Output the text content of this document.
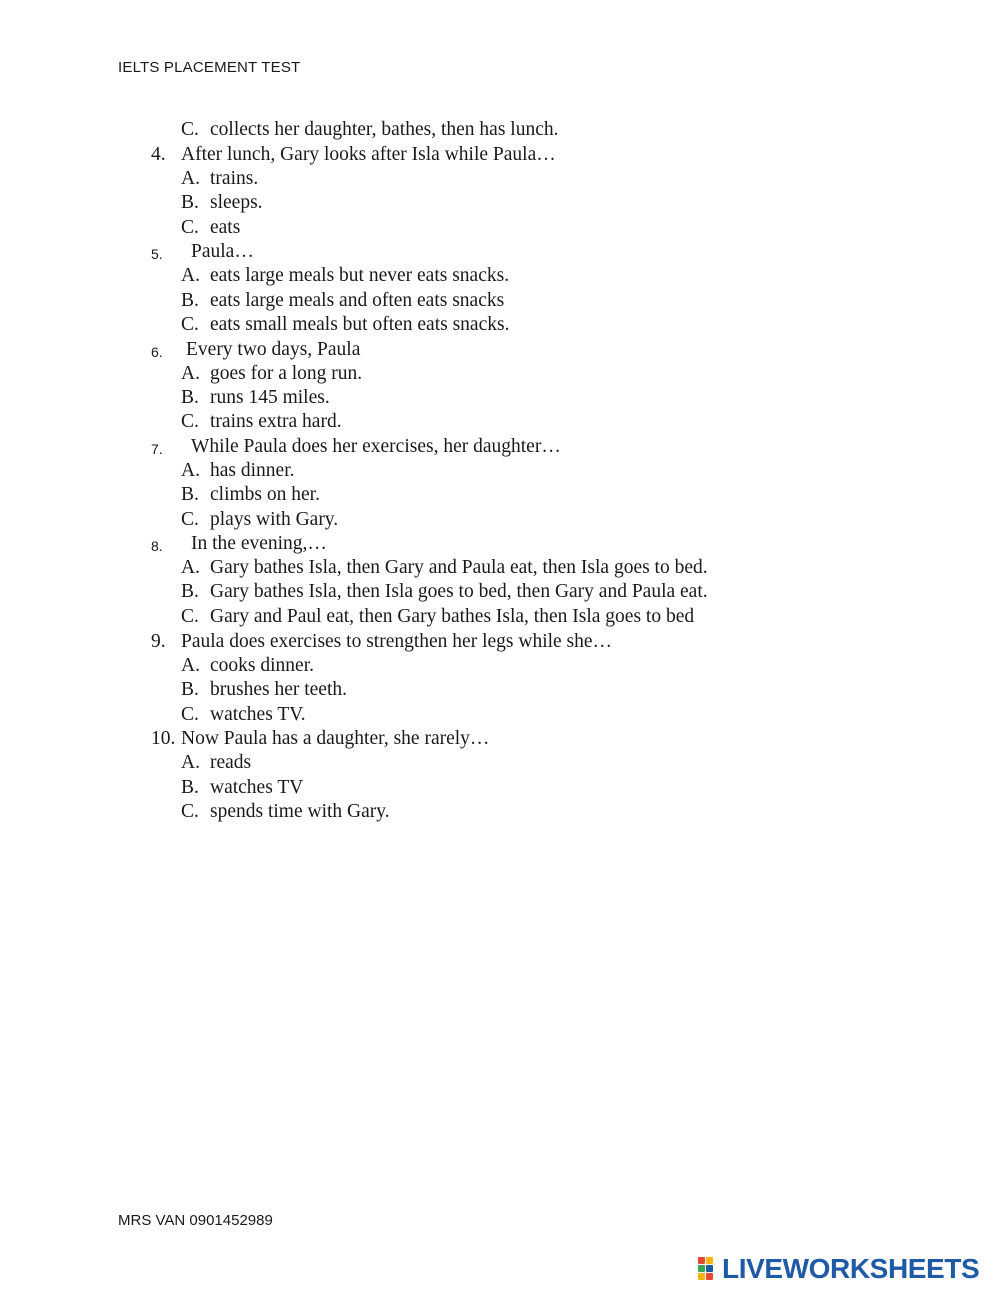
IELTS PLACEMENT TEST
C. collects her daughter, bathes, then has lunch.
4. After lunch, Gary looks after Isla while Paula…
A. trains.
B. sleeps.
C. eats
5. Paula…
A. eats large meals but never eats snacks.
B. eats large meals and often eats snacks
C. eats small meals but often eats snacks.
6. Every two days, Paula
A. goes for a long run.
B. runs 145 miles.
C. trains extra hard.
7. While Paula does her exercises, her daughter…
A. has dinner.
B. climbs on her.
C. plays with Gary.
8. In the evening,…
A. Gary bathes Isla, then Gary and Paula eat, then Isla goes to bed.
B. Gary bathes Isla, then Isla goes to bed, then Gary and Paula eat.
C. Gary and Paul eat, then Gary bathes Isla, then Isla goes to bed
9. Paula does exercises to strengthen her legs while she…
A. cooks dinner.
B. brushes her teeth.
C. watches TV.
10. Now Paula has a daughter, she rarely…
A. reads
B. watches TV
C. spends time with Gary.
MRS VAN 0901452989
LIVEWORKSHEETS
